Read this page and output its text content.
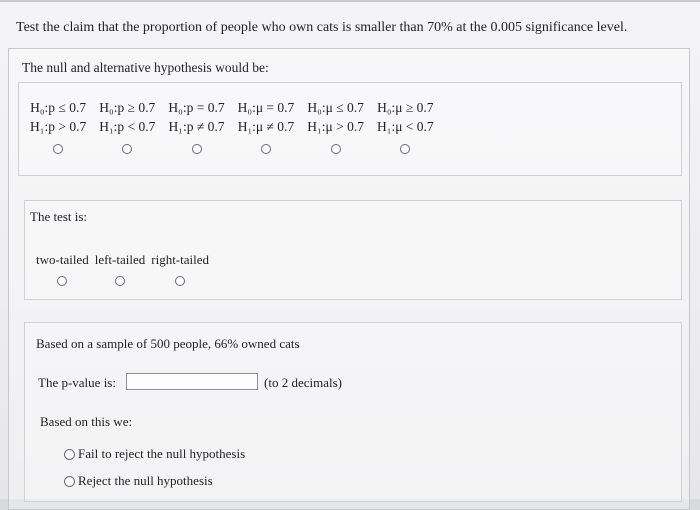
Test the claim that the proportion of people who own cats is smaller than 70% at the 0.005 significance level.
The null and alternative hypothesis would be:
H₀:p ≤ 0.7
H₁:p > 0.7
H₀:p ≥ 0.7
H₁:p < 0.7
H₀:p = 0.7
H₁:p ≠ 0.7
H₀:μ = 0.7
H₁:μ ≠ 0.7
H₀:μ ≤ 0.7
H₁:μ > 0.7
H₀:μ ≥ 0.7
H₁:μ < 0.7
The test is:
two-tailed left-tailed right-tailed
Based on a sample of 500 people, 66% owned cats
The p-value is:	(to 2 decimals)
Based on this we:
Fail to reject the null hypothesis
Reject the null hypothesis
